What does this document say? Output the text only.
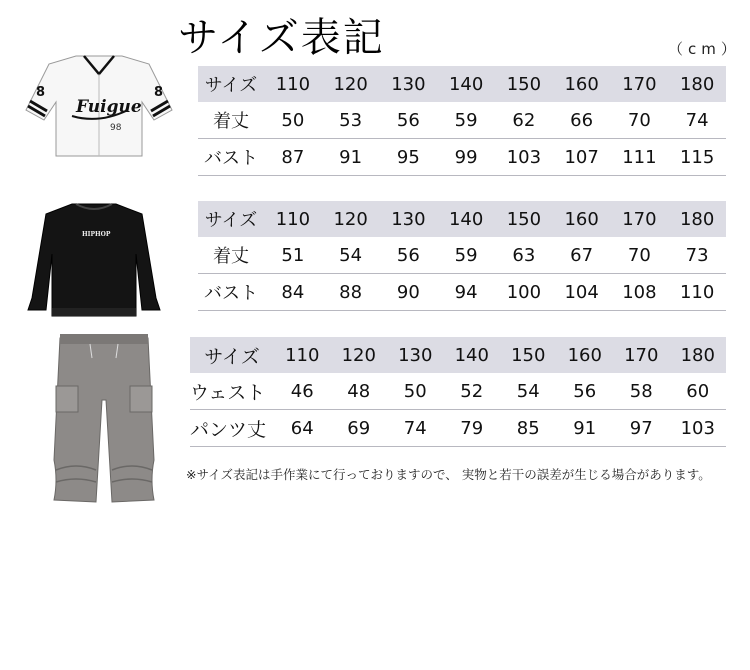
サイズ表記	（cm）
8	8
Fuigue
98
HIPHOP
サイズ	110	120	130	140	150	160	170	180
着丈	50	53	56	59	62	66	70	74
バスト	87	91	95	99	103	107	111	115
サイズ	110	120	130	140	150	160	170	180
着丈	51	54	56	59	63	67	70	73
バスト	84	88	90	94	100	104	108	110
サイズ	110	120	130	140	150	160	170	180
ウェスト	46	48	50	52	54	56	58	60
パンツ丈	64	69	74	79	85	91	97	103
※サイズ表記は手作業にて行っておりますので、 実物と若干の誤差が生じる場合があります。
